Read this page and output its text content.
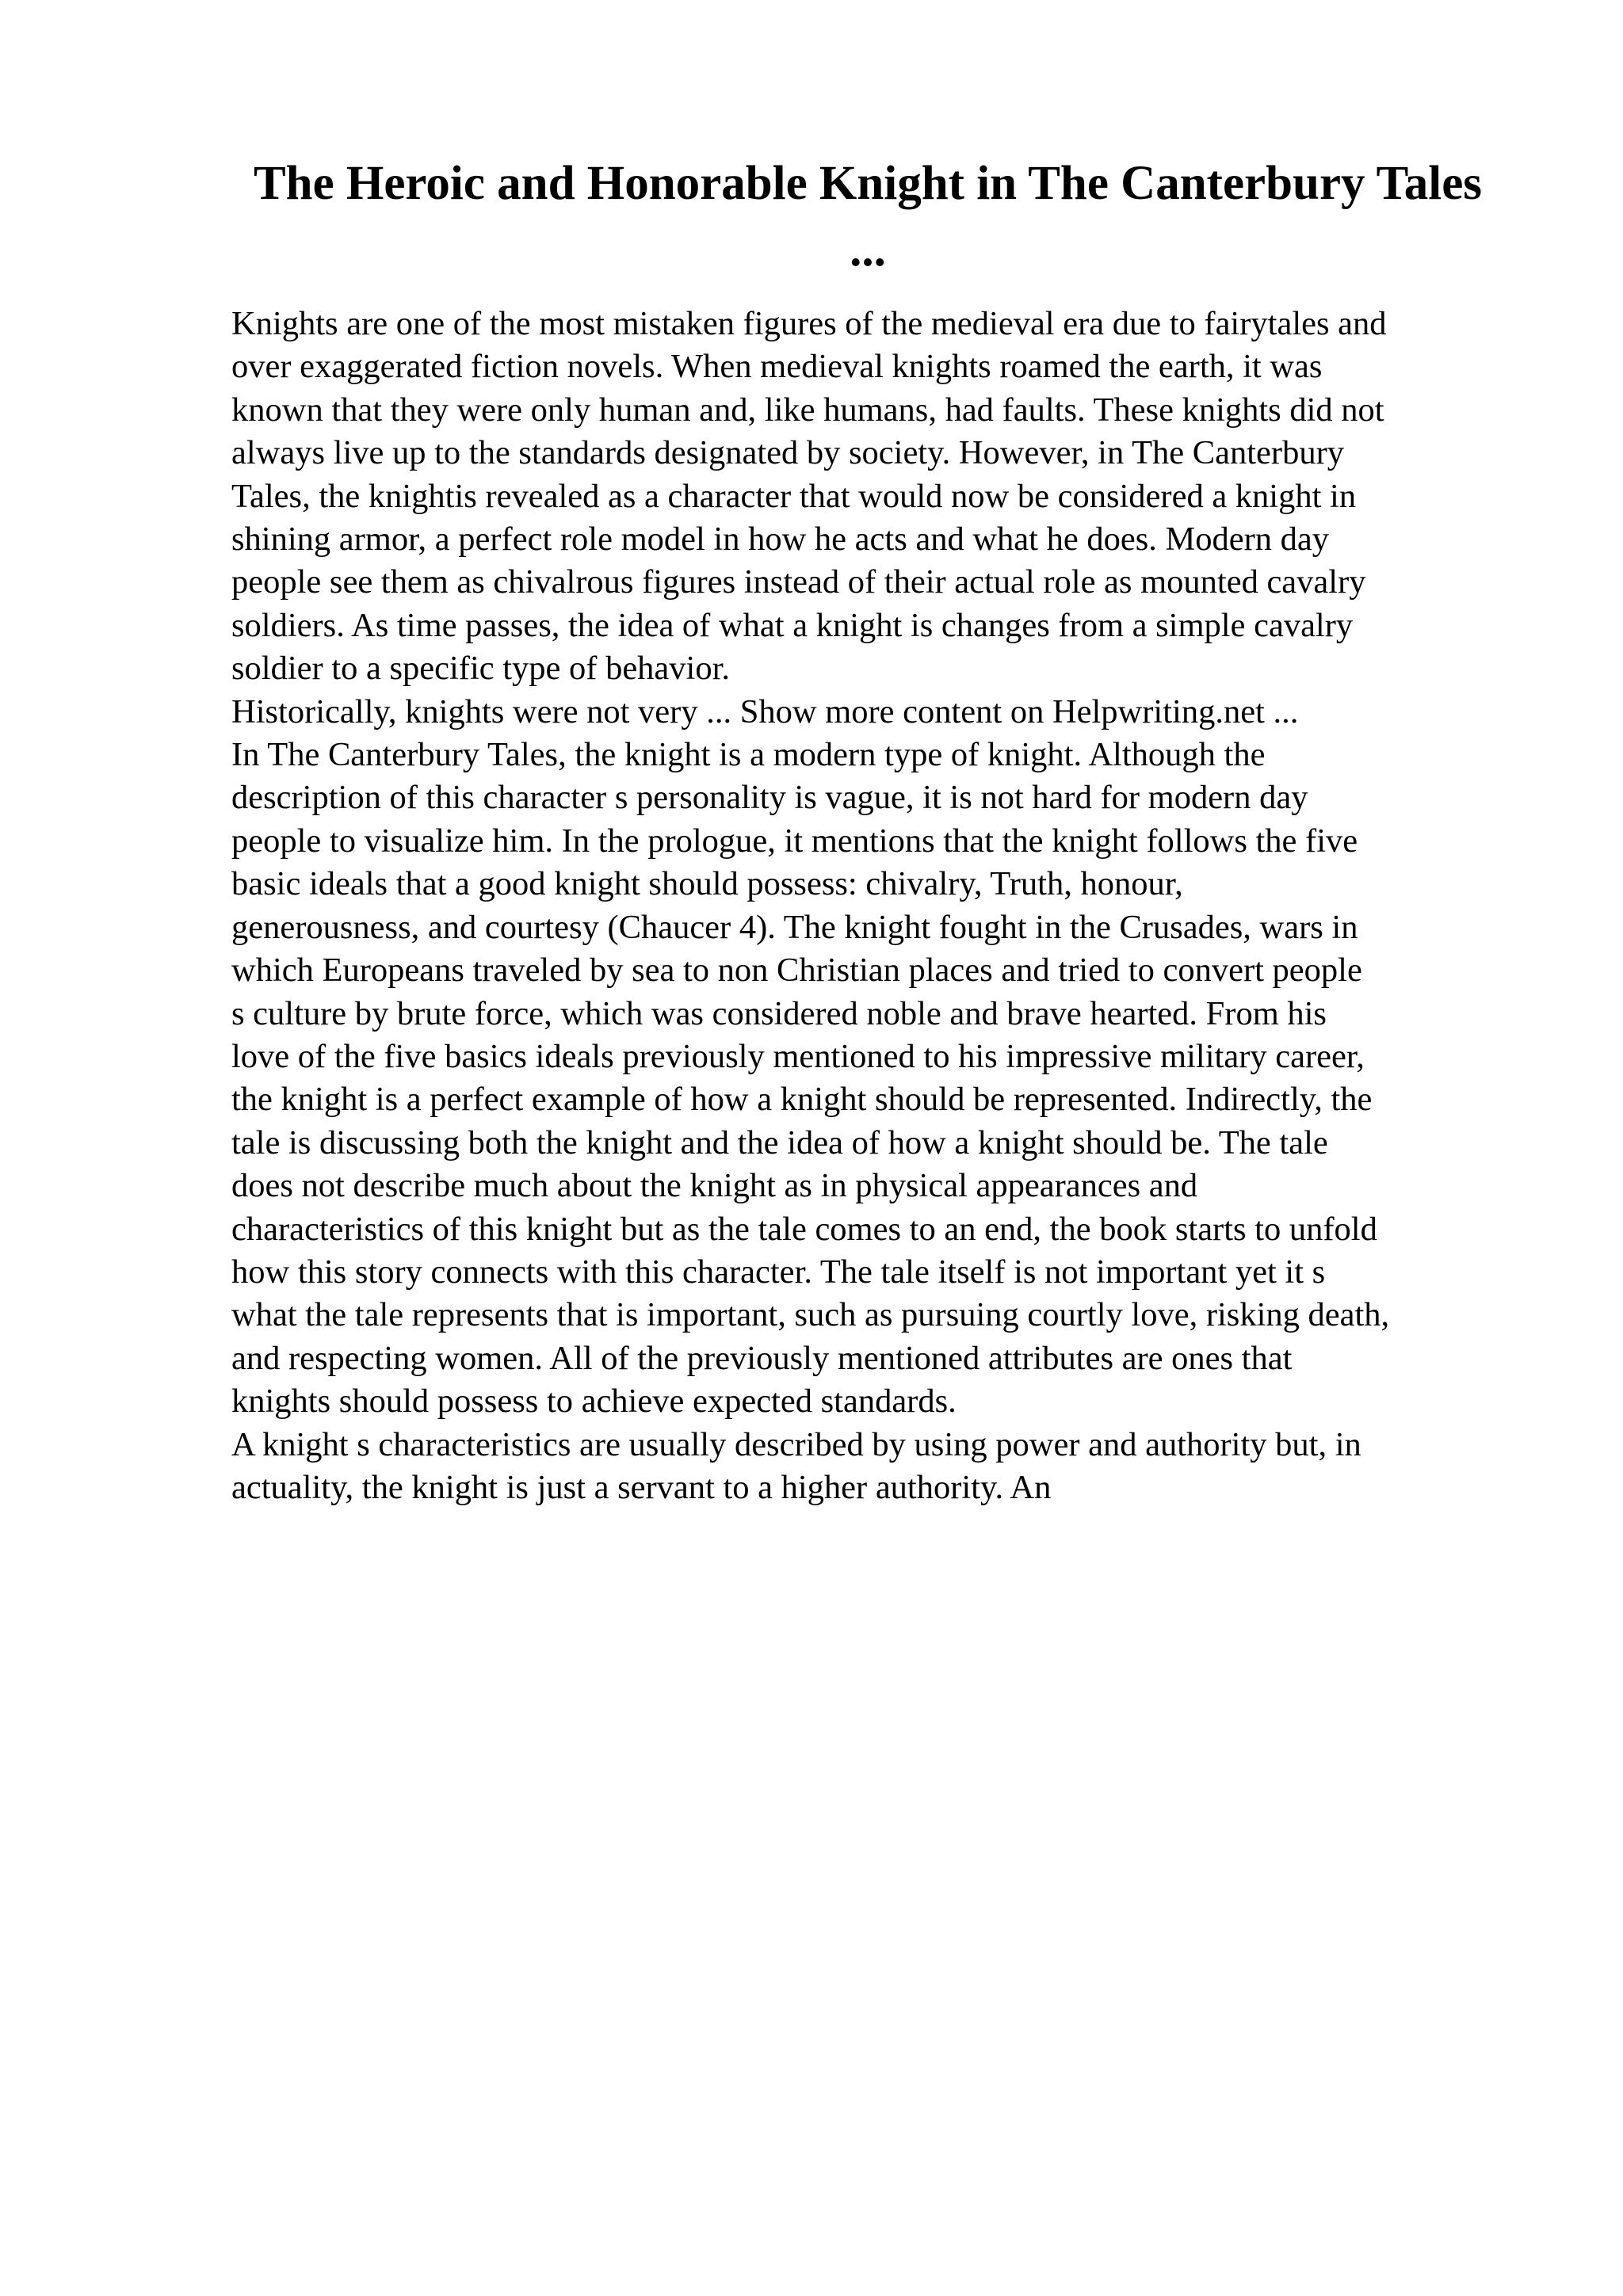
The Heroic and Honorable Knight in The Canterbury Tales
...
Knights are one of the most mistaken figures of the medieval era due to fairytales and
over exaggerated fiction novels. When medieval knights roamed the earth, it was
known that they were only human and, like humans, had faults. These knights did not
always live up to the standards designated by society. However, in The Canterbury
Tales, the knightis revealed as a character that would now be considered a knight in
shining armor, a perfect role model in how he acts and what he does. Modern day
people see them as chivalrous figures instead of their actual role as mounted cavalry
soldiers. As time passes, the idea of what a knight is changes from a simple cavalry
soldier to a specific type of behavior.
Historically, knights were not very ... Show more content on Helpwriting.net ...
In The Canterbury Tales, the knight is a modern type of knight. Although the
description of this character s personality is vague, it is not hard for modern day
people to visualize him. In the prologue, it mentions that the knight follows the five
basic ideals that a good knight should possess: chivalry, Truth, honour,
generousness, and courtesy (Chaucer 4). The knight fought in the Crusades, wars in
which Europeans traveled by sea to non Christian places and tried to convert people
s culture by brute force, which was considered noble and brave hearted. From his
love of the five basics ideals previously mentioned to his impressive military career,
the knight is a perfect example of how a knight should be represented. Indirectly, the
tale is discussing both the knight and the idea of how a knight should be. The tale
does not describe much about the knight as in physical appearances and
characteristics of this knight but as the tale comes to an end, the book starts to unfold
how this story connects with this character. The tale itself is not important yet it s
what the tale represents that is important, such as pursuing courtly love, risking death,
and respecting women. All of the previously mentioned attributes are ones that
knights should possess to achieve expected standards.
A knight s characteristics are usually described by using power and authority but, in
actuality, the knight is just a servant to a higher authority. An
